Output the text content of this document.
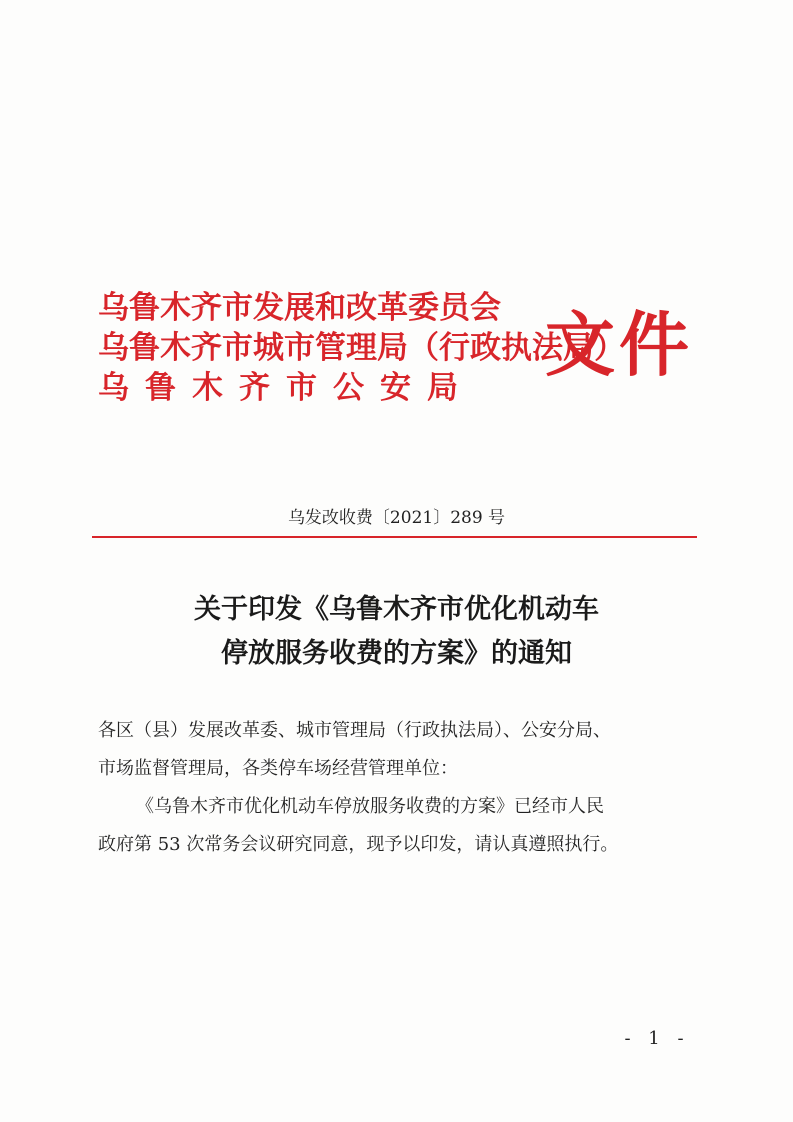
乌鲁木齐市发展和改革委员会
乌鲁木齐市城市管理局（行政执法局）
乌鲁木齐市公安局
文件
乌发改收费〔2021〕289 号
关于印发《乌鲁木齐市优化机动车
停放服务收费的方案》的通知

各区（县）发展改革委、城市管理局（行政执法局）、公安分局、

市场监督管理局，各类停车场经营管理单位：

《乌鲁木齐市优化机动车停放服务收费的方案》已经市人民

政府第 53 次常务会议研究同意，现予以印发，请认真遵照执行。

- 1 -
